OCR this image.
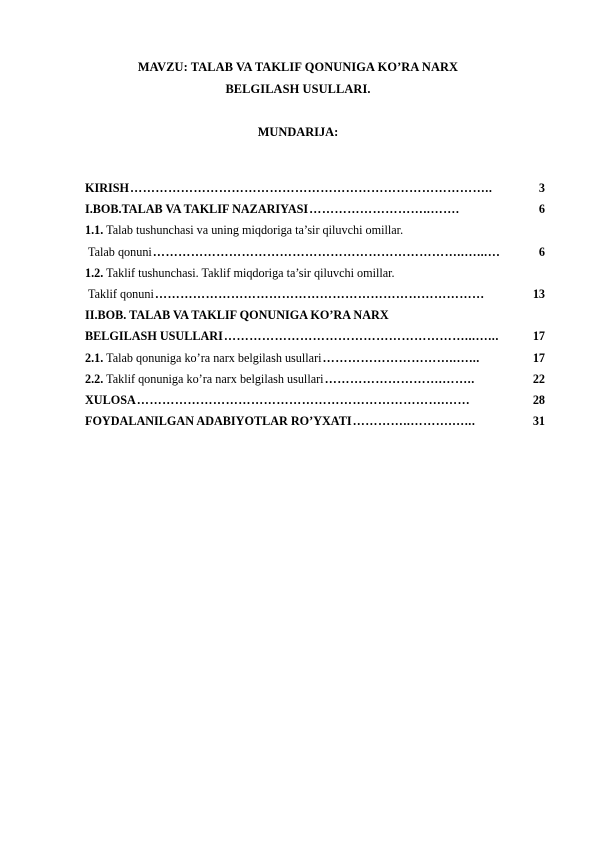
MAVZU: TALAB VA TAKLIF QONUNIGA KO’RA NARX
BELGILASH USULLARI.
MUNDARIJA:
KIRISH …………………………………………………………………………..	3
I.BOB.TALAB VA TAKLIF NAZARIYASI ………………………..…….	6
1.1. Talab tushunchasi va uning miqdoriga ta’sir qiluvchi omillar.
Talab qonuni ………………………………………………………………..…...…	6
1.2. Taklif tushunchasi. Taklif miqdoriga ta’sir qiluvchi omillar.
Taklif qonuni ……………………………………………………………………	13
II.BOB. TALAB VA TAKLIF QONUNIGA KO’RA NARX
BELGILASH USULLARI …………………………………………………...…...	17
2.1. Talab qonuniga ko’ra narx belgilash usullari …………………………..…...	17
2.2. Taklif qonuniga ko’ra narx belgilash usullari ……………………….……..	22
XULOSA ……………………………………………………………….……	28
FOYDALANILGAN ADABIYOTLAR RO’YXATI …………..……….…...	31
